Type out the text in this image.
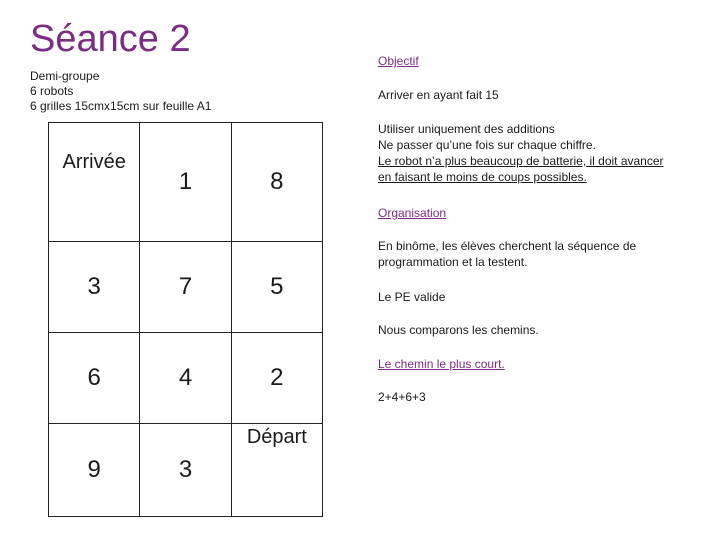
Séance 2
Demi-groupe
6 robots
6 grilles 15cmx15cm sur feuille A1
Arrivée	1	8
3	7	5
6	4	2
9	3	Départ
Objectif
Arriver en ayant fait 15
Utiliser uniquement des additions
Ne passer qu’une fois sur chaque chiffre.
Le robot n’a plus beaucoup de batterie, il doit avancer
en faisant le moins de coups possibles.
Organisation
En binôme, les élèves cherchent la séquence de
programmation et la testent.
Le PE valide
Nous comparons les chemins.
Le chemin le plus court.
2+4+6+3
